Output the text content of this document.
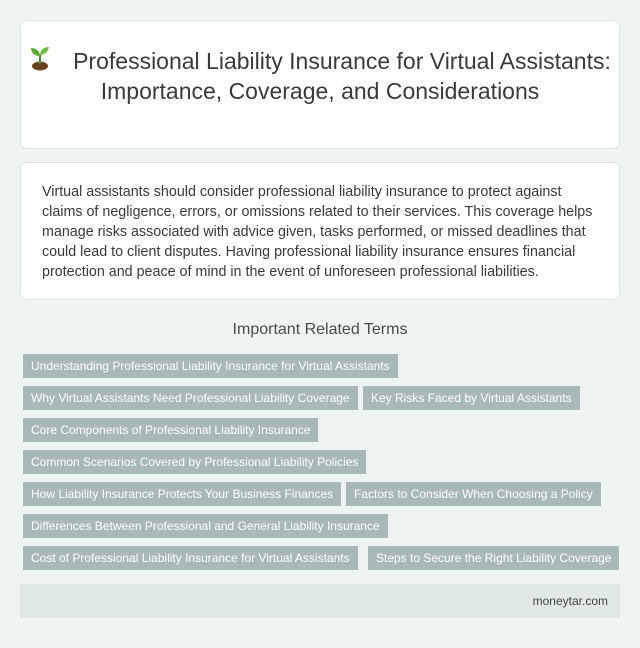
Professional Liability Insurance for Virtual Assistants: Importance, Coverage, and Considerations

Virtual assistants should consider professional liability insurance to protect against claims of negligence, errors, or omissions related to their services. This coverage helps manage risks associated with advice given, tasks performed, or missed deadlines that could lead to client disputes. Having professional liability insurance ensures financial protection and peace of mind in the event of unforeseen professional liabilities.

Important Related Terms
Understanding Professional Liability Insurance for Virtual Assistants
Why Virtual Assistants Need Professional Liability Coverage	Key Risks Faced by Virtual Assistants
Core Components of Professional Liability Insurance
Common Scenarios Covered by Professional Liability Policies
How Liability Insurance Protects Your Business Finances	Factors to Consider When Choosing a Policy
Differences Between Professional and General Liability Insurance
Cost of Professional Liability Insurance for Virtual Assistants	Steps to Secure the Right Liability Coverage
moneytar.com
